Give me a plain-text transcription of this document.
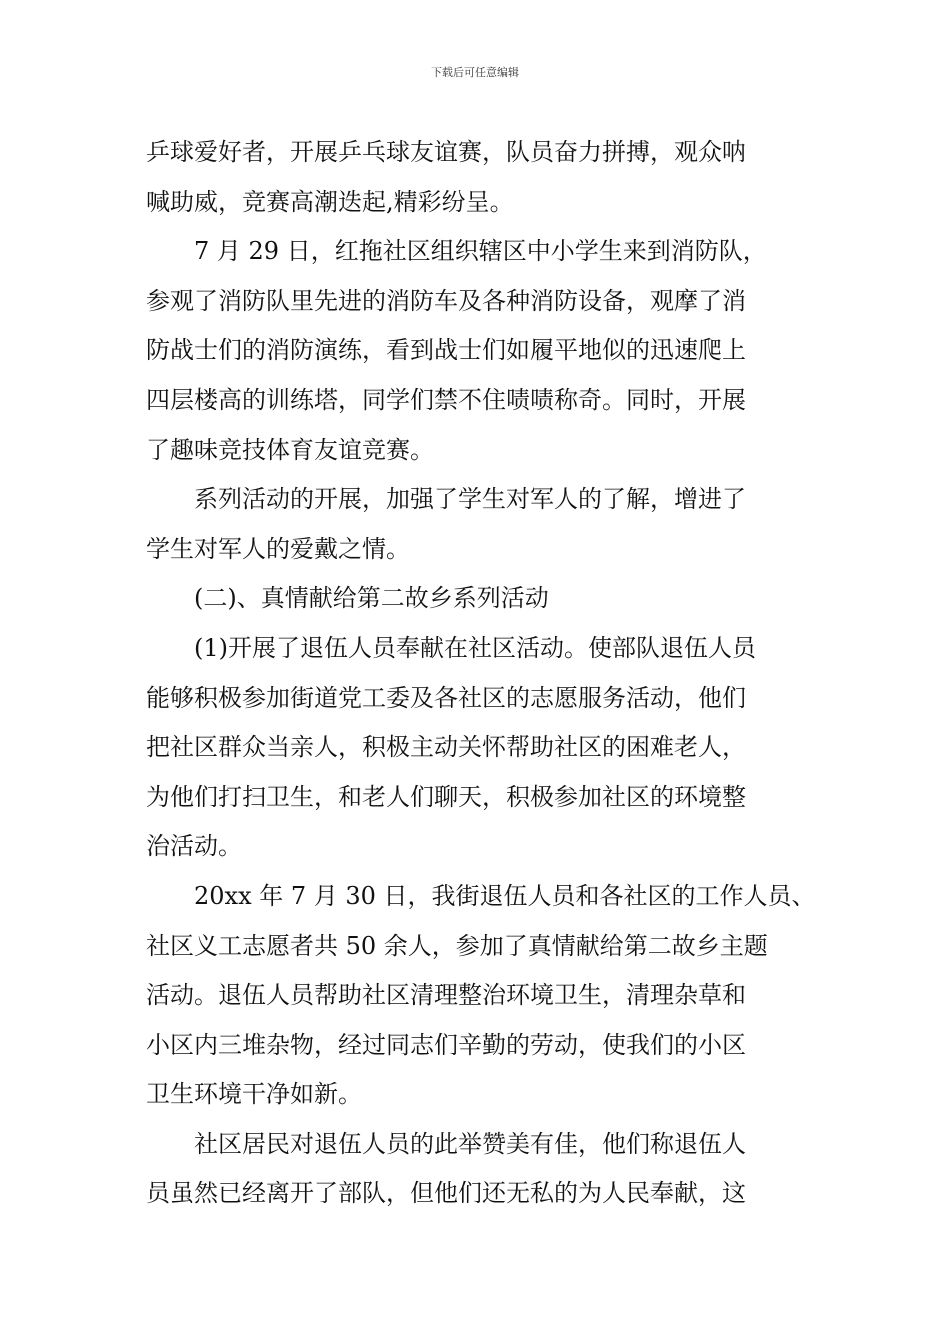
下载后可任意编辑
乒球爱好者，开展乒乓球友谊赛，队员奋力拼搏，观众呐
喊助威，竞赛高潮迭起,精彩纷呈。
7 月 29 日，红拖社区组织辖区中小学生来到消防队，
参观了消防队里先进的消防车及各种消防设备，观摩了消
防战士们的消防演练，看到战士们如履平地似的迅速爬上
四层楼高的训练塔，同学们禁不住啧啧称奇。同时，开展
了趣味竞技体育友谊竞赛。
系列活动的开展，加强了学生对军人的了解，增进了
学生对军人的爱戴之情。
(二)、真情献给第二故乡系列活动
(1)开展了退伍人员奉献在社区活动。使部队退伍人员
能够积极参加街道党工委及各社区的志愿服务活动，他们
把社区群众当亲人，积极主动关怀帮助社区的困难老人，
为他们打扫卫生，和老人们聊天，积极参加社区的环境整
治活动。
20xx 年 7 月 30 日，我街退伍人员和各社区的工作人员、
社区义工志愿者共 50 余人，参加了真情献给第二故乡主题
活动。退伍人员帮助社区清理整治环境卫生，清理杂草和
小区内三堆杂物，经过同志们辛勤的劳动，使我们的小区
卫生环境干净如新。
社区居民对退伍人员的此举赞美有佳，他们称退伍人
员虽然已经离开了部队，但他们还无私的为人民奉献，这
